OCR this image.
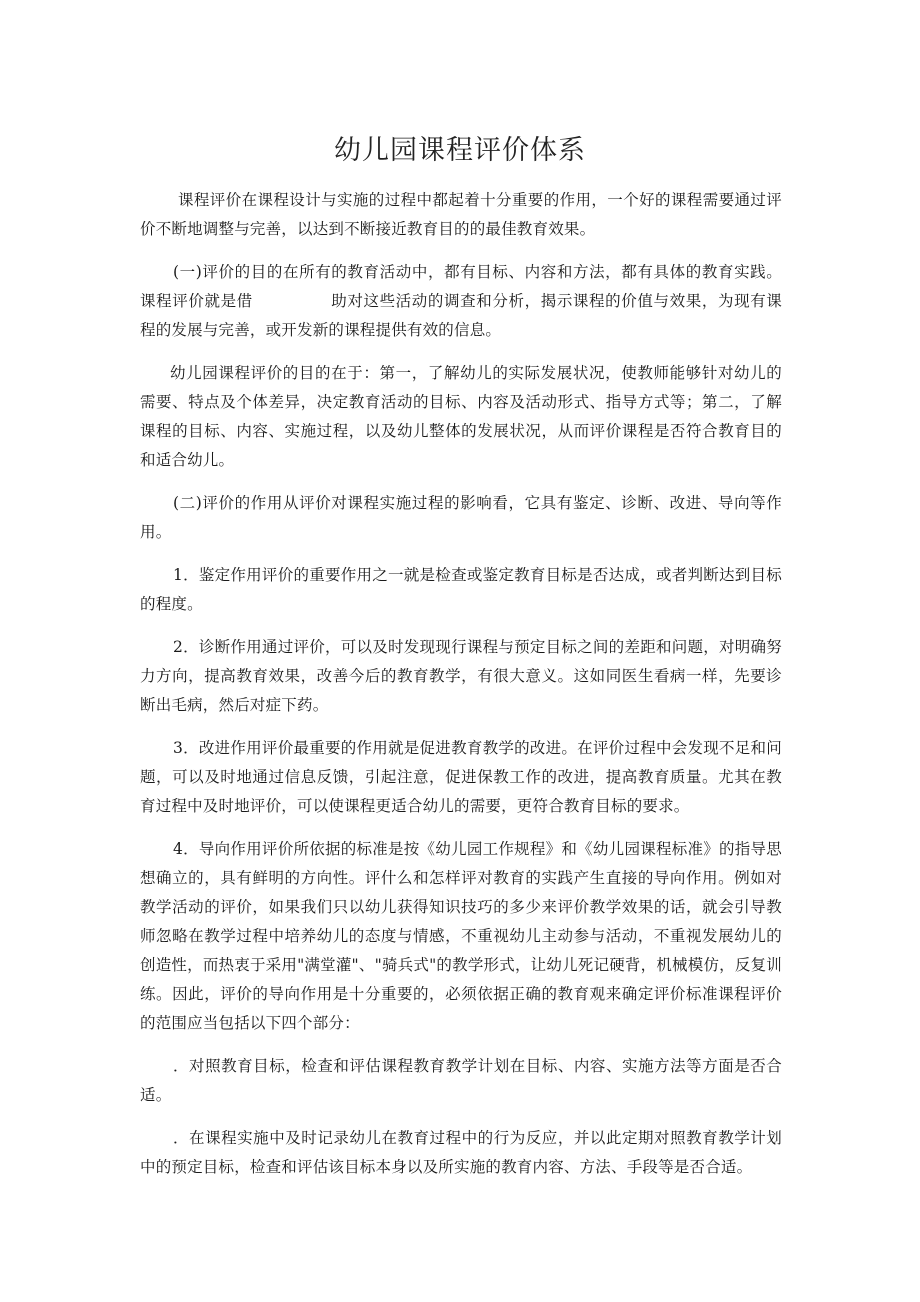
幼儿园课程评价体系

课程评价在课程设计与实施的过程中都起着十分重要的作用，一个好的课程需要通过评价不断地调整与完善，以达到不断接近教育目的的最佳教育效果。

(一)评价的目的在所有的教育活动中，都有目标、内容和方法，都有具体的教育实践。课程评价就是借	助对这些活动的调查和分析，揭示课程的价值与效果，为现有课程的发展与完善，或开发新的课程提供有效的信息。

幼儿园课程评价的目的在于：第一，了解幼儿的实际发展状况，使教师能够针对幼儿的需要、特点及个体差异，决定教育活动的目标、内容及活动形式、指导方式等；第二，了解课程的目标、内容、实施过程，以及幼儿整体的发展状况，从而评价课程是否符合教育目的和适合幼儿。

(二)评价的作用从评价对课程实施过程的影响看，它具有鉴定、诊断、改进、导向等作用。

1．鉴定作用评价的重要作用之一就是检查或鉴定教育目标是否达成，或者判断达到目标的程度。

2．诊断作用通过评价，可以及时发现现行课程与预定目标之间的差距和问题，对明确努力方向，提高教育效果，改善今后的教育教学，有很大意义。这如同医生看病一样，先要诊断出毛病，然后对症下药。

3．改进作用评价最重要的作用就是促进教育教学的改进。在评价过程中会发现不足和问题，可以及时地通过信息反馈，引起注意，促进保教工作的改进，提高教育质量。尤其在教育过程中及时地评价，可以使课程更适合幼儿的需要，更符合教育目标的要求。

4．导向作用评价所依据的标准是按《幼儿园工作规程》和《幼儿园课程标准》的指导思想确立的，具有鲜明的方向性。评什么和怎样评对教育的实践产生直接的导向作用。例如对教学活动的评价，如果我们只以幼儿获得知识技巧的多少来评价教学效果的话，就会引导教师忽略在教学过程中培养幼儿的态度与情感，不重视幼儿主动参与活动，不重视发展幼儿的创造性，而热衷于采用"满堂灌"、"骑兵式"的教学形式，让幼儿死记硬背，机械模仿，反复训练。因此，评价的导向作用是十分重要的，必须依据正确的教育观来确定评价标准课程评价的范围应当包括以下四个部分：

．对照教育目标，检查和评估课程教育教学计划在目标、内容、实施方法等方面是否合适。

．在课程实施中及时记录幼儿在教育过程中的行为反应，并以此定期对照教育教学计划中的预定目标，检查和评估该目标本身以及所实施的教育内容、方法、手段等是否合适。
